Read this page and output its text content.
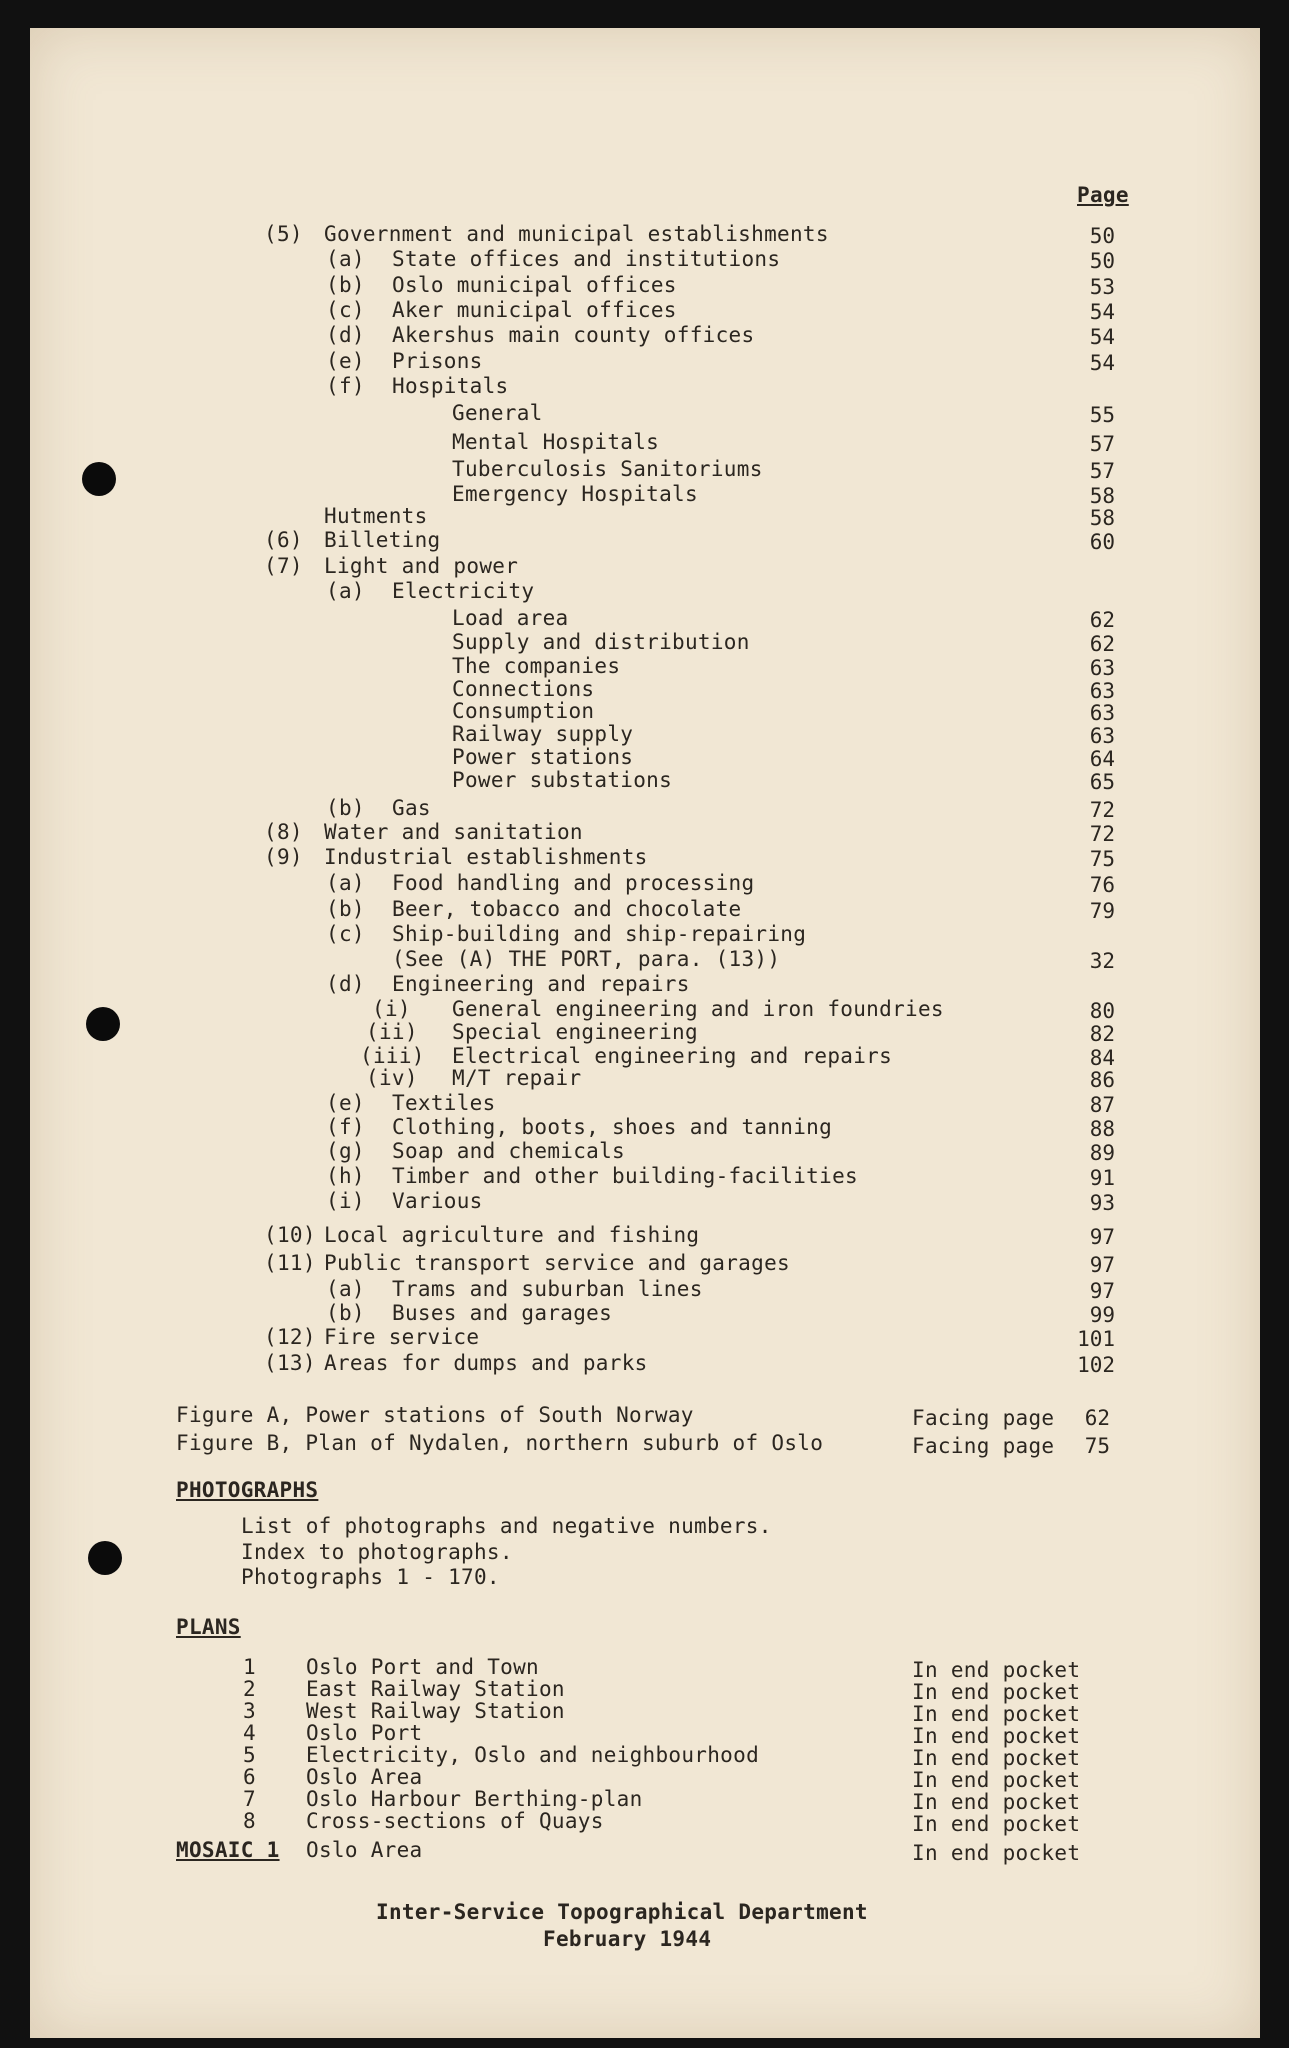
Page
(5) Government and municipal establishments	50
(a) State offices and institutions	50
(b) Oslo municipal offices	53
(c) Aker municipal offices	54
(d) Akershus main county offices	54
(e) Prisons	54
(f) Hospitals
General	55
Mental Hospitals	57
Tuberculosis Sanitoriums	57
Emergency Hospitals	58
Hutments	58
(6) Billeting	60
(7) Light and power
(a) Electricity
Load area	62
Supply and distribution	62
The companies	63
Connections	63
Consumption	63
Railway supply	63
Power stations	64
Power substations	65
(b) Gas	72
(8) Water and sanitation	72
(9) Industrial establishments	75
(a) Food handling and processing	76
(b) Beer, tobacco and chocolate	79
(c) Ship-building and ship-repairing
(See (A) THE PORT, para. (13))	32
(d) Engineering and repairs
(i) General engineering and iron foundries	80
(ii) Special engineering	82
(iii) Electrical engineering and repairs	84
(iv) M/T repair	86
(e) Textiles	87
(f) Clothing, boots, shoes and tanning	88
(g) Soap and chemicals	89
(h) Timber and other building-facilities	91
(i) Various	93
(10) Local agriculture and fishing	97
(11) Public transport service and garages	97
(a) Trams and suburban lines	97
(b) Buses and garages	99
(12) Fire service	101
(13) Areas for dumps and parks	102
Figure A, Power stations of South Norway	Facing page	62
Figure B, Plan of Nydalen, northern suburb of Oslo	Facing page	75
PHOTOGRAPHS
List of photographs and negative numbers.
Index to photographs.
Photographs 1 - 170.
PLANS
1 Oslo Port and Town	In end pocket
2 East Railway Station	In end pocket
3 West Railway Station	In end pocket
4 Oslo Port	In end pocket
5 Electricity, Oslo and neighbourhood	In end pocket
6 Oslo Area	In end pocket
7 Oslo Harbour Berthing-plan	In end pocket
8 Cross-sections of Quays	In end pocket
MOSAIC 1 Oslo Area	In end pocket
Inter-Service Topographical Department
February 1944
